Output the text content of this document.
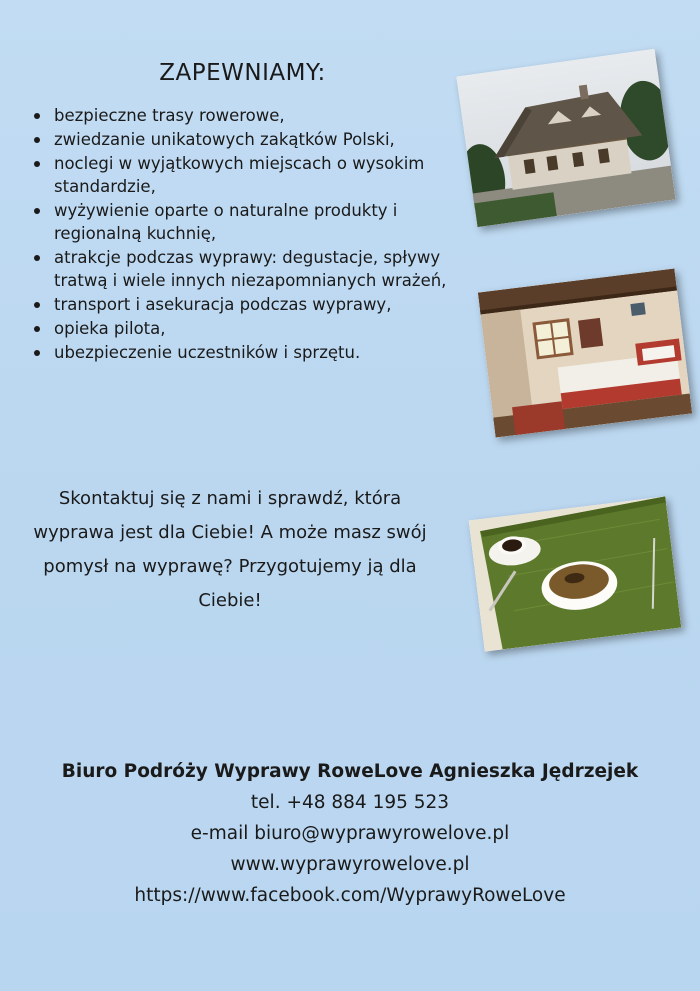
ZAPEWNIAMY:
bezpieczne trasy rowerowe,
zwiedzanie unikatowych zakątków Polski,
noclegi w wyjątkowych miejscach o wysokim standardzie,
wyżywienie oparte o naturalne produkty i regionalną kuchnię,
atrakcje podczas wyprawy: degustacje, spływy tratwą i wiele innych niezapomnianych wrażeń,
transport i asekuracja podczas wyprawy,
opieka pilota,
ubezpieczenie uczestników i sprzętu.
Skontaktuj się z nami i sprawdź, która wyprawa jest dla Ciebie! A może masz swój pomysł na wyprawę? Przygotujemy ją dla Ciebie!
Biuro Podróży Wyprawy RoweLove Agnieszka Jędrzejek
tel. +48 884 195 523
e-mail biuro@wyprawyrowelove.pl
www.wyprawyrowelove.pl
https://www.facebook.com/WyprawyRoweLove
